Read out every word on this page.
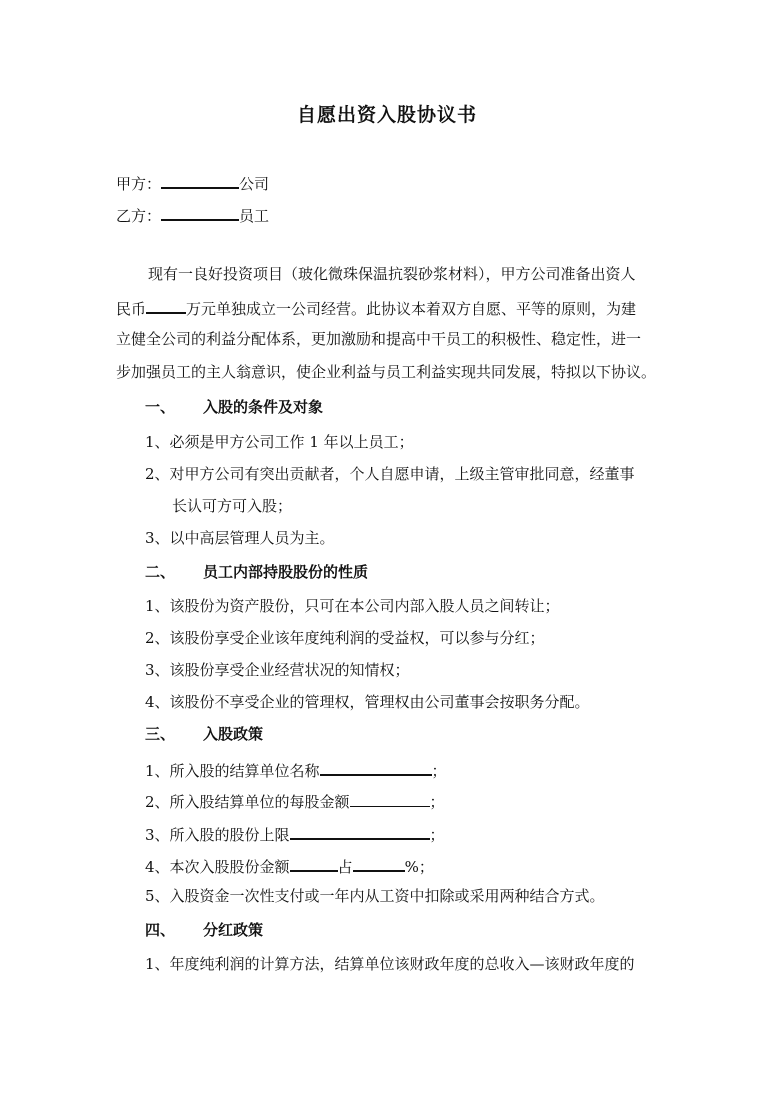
自愿出资入股协议书
甲方：	公司
乙方：	员工
现有一良好投资项目（玻化微珠保温抗裂砂浆材料），甲方公司准备出资人
民币	万元单独成立一公司经营。此协议本着双方自愿、平等的原则，为建
立健全公司的利益分配体系，更加激励和提高中干员工的积极性、稳定性，进一
步加强员工的主人翁意识，使企业利益与员工利益实现共同发展，特拟以下协议。
一、 入股的条件及对象
1、必须是甲方公司工作 1 年以上员工；
2、对甲方公司有突出贡献者，个人自愿申请，上级主管审批同意，经董事
长认可方可入股；
3、以中高层管理人员为主。
二、 员工内部持股股份的性质
1、该股份为资产股份，只可在本公司内部入股人员之间转让；
2、该股份享受企业该年度纯利润的受益权，可以参与分红；
3、该股份享受企业经营状况的知情权；
4、该股份不享受企业的管理权，管理权由公司董事会按职务分配。
三、 入股政策
1、所入股的结算单位名称	；
2、所入股结算单位的每股金额	；
3、所入股的股份上限	；
4、本次入股股份金额	占	%；
5、入股资金一次性支付或一年内从工资中扣除或采用两种结合方式。
四、 分红政策
1、年度纯利润的计算方法，结算单位该财政年度的总收入—该财政年度的
